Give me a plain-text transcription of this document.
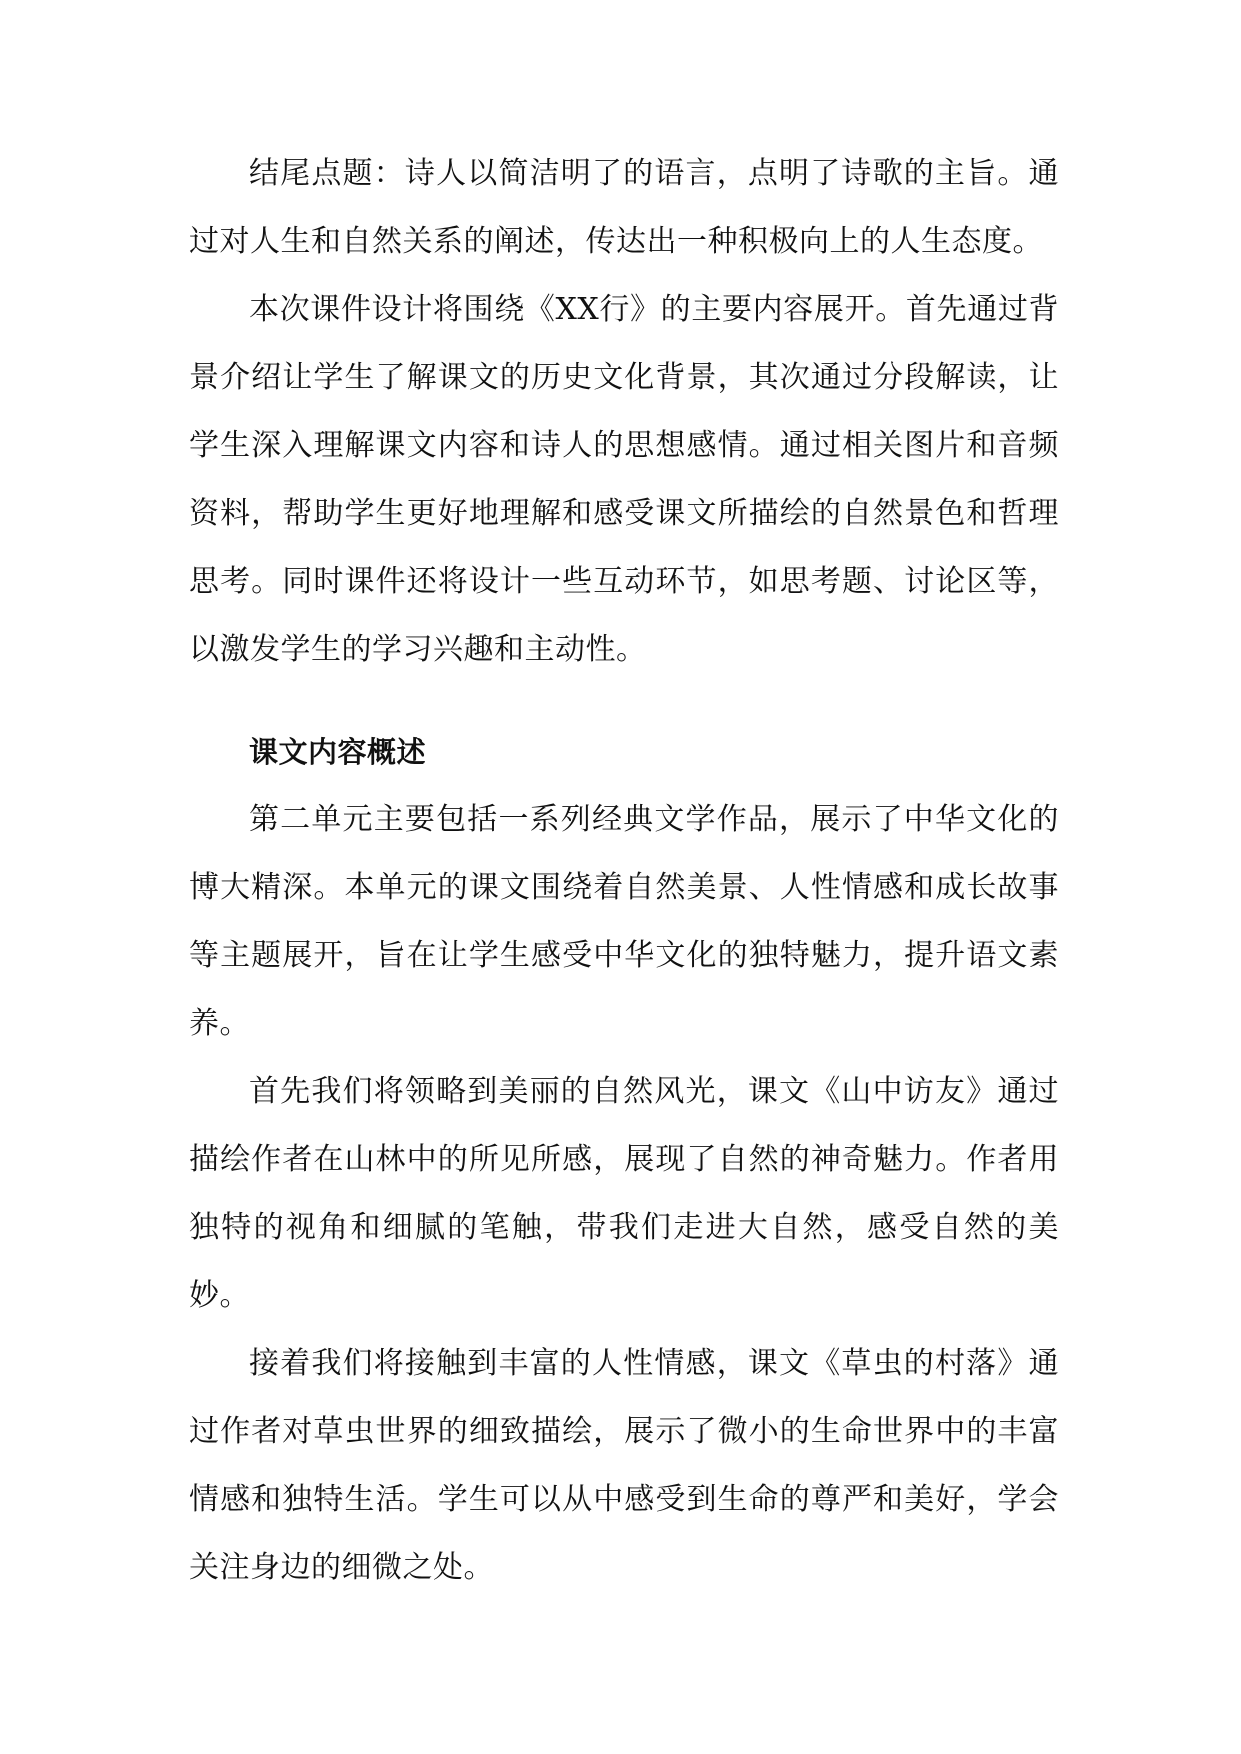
结尾点题：诗人以简洁明了的语言，点明了诗歌的主旨。通过对人生和自然关系的阐述，传达出一种积极向上的人生态度。

本次课件设计将围绕《XX行》的主要内容展开。首先通过背景介绍让学生了解课文的历史文化背景，其次通过分段解读，让学生深入理解课文内容和诗人的思想感情。通过相关图片和音频资料，帮助学生更好地理解和感受课文所描绘的自然景色和哲理思考。同时课件还将设计一些互动环节，如思考题、讨论区等，以激发学生的学习兴趣和主动性。

课文内容概述

第二单元主要包括一系列经典文学作品，展示了中华文化的博大精深。本单元的课文围绕着自然美景、人性情感和成长故事等主题展开，旨在让学生感受中华文化的独特魅力，提升语文素养。

首先我们将领略到美丽的自然风光，课文《山中访友》通过描绘作者在山林中的所见所感，展现了自然的神奇魅力。作者用独特的视角和细腻的笔触，带我们走进大自然，感受自然的美妙。

接着我们将接触到丰富的人性情感，课文《草虫的村落》通过作者对草虫世界的细致描绘，展示了微小的生命世界中的丰富情感和独特生活。学生可以从中感受到生命的尊严和美好，学会关注身边的细微之处。
